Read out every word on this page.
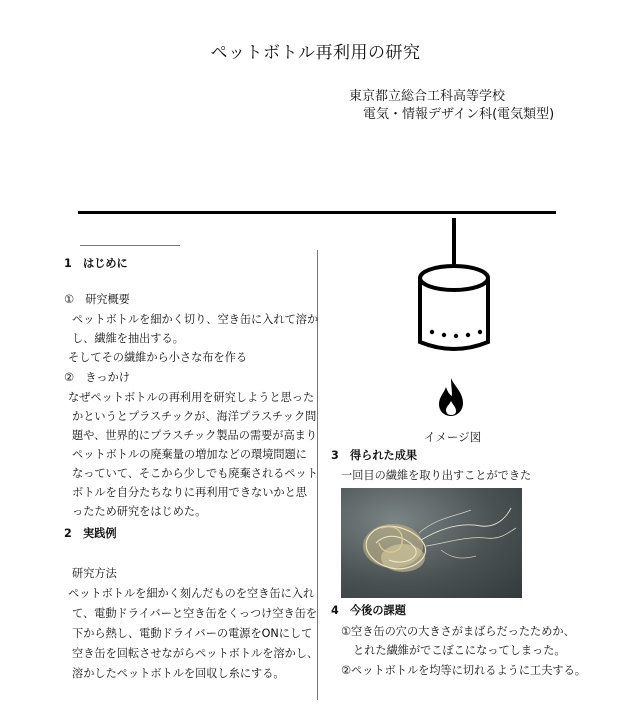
ペットボトル再利用の研究
東京都立総合工科高等学校
電気・情報デザイン科(電気類型)
1　はじめに
①　研究概要
ペットボトルを細かく切り、空き缶に入れて溶か
し、繊維を抽出する。
そしてその繊維から小さな布を作る
②　きっかけ
なぜペットボトルの再利用を研究しようと思った
かというとプラスチックが、海洋プラスチック問
題や、世界的にプラスチック製品の需要が高まり
ペットボトルの廃棄量の増加などの環境問題に
なっていて、そこから少しでも廃棄されるペット
ボトルを自分たちなりに再利用できないかと思
ったため研究をはじめた。
2　実践例
研究方法
ペットボトルを細かく刻んだものを空き缶に入れ
て、電動ドライバーと空き缶をくっつけ空き缶を
下から熱し、電動ドライバーの電源をONにして
空き缶を回転させながらペットボトルを溶かし、
溶かしたペットボトルを回収し糸にする。
イメージ図
3　得られた成果
一回目の繊維を取り出すことができた
4　今後の課題
①空き缶の穴の大きさがまばらだったためか、
とれた繊維がでこぼこになってしまった。
②ペットボトルを均等に切れるように工夫する。
